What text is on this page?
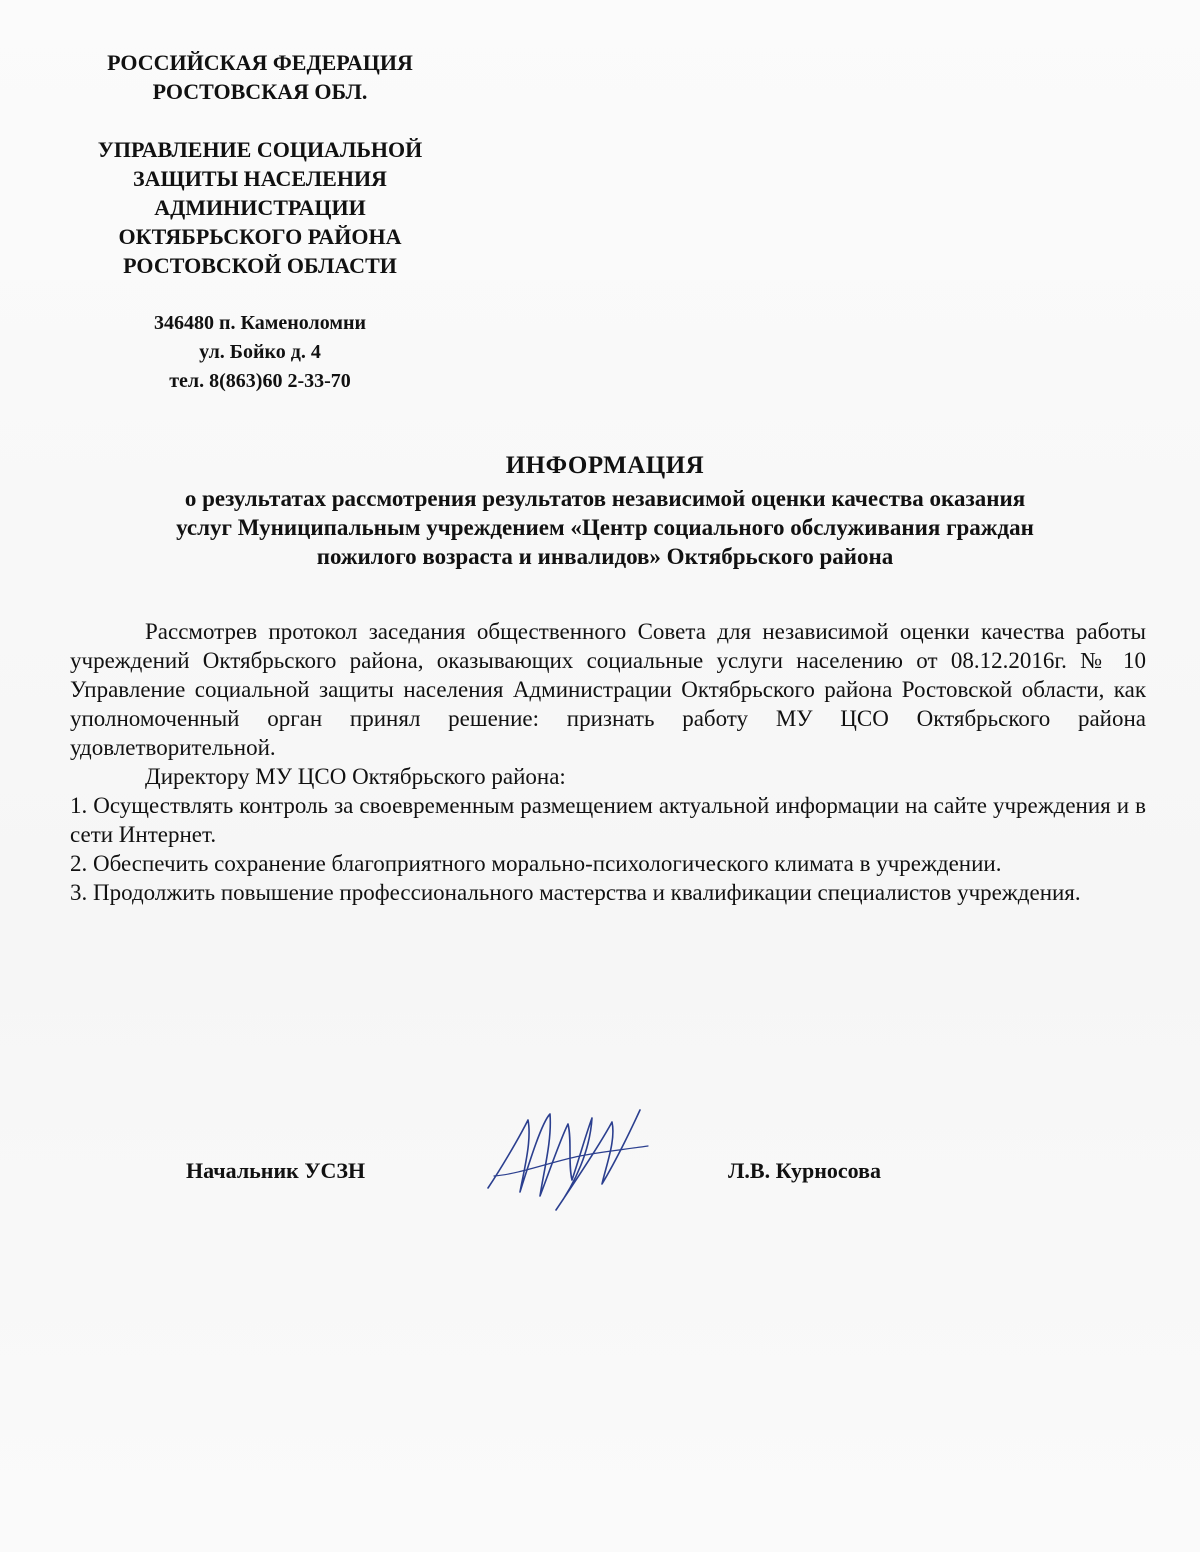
РОССИЙСКАЯ ФЕДЕРАЦИЯ
РОСТОВСКАЯ ОБЛ.
УПРАВЛЕНИЕ СОЦИАЛЬНОЙ
ЗАЩИТЫ НАСЕЛЕНИЯ
АДМИНИСТРАЦИИ
ОКТЯБРЬСКОГО РАЙОНА
РОСТОВСКОЙ ОБЛАСТИ
346480 п. Каменоломни
ул. Бойко д. 4
тел. 8(863)60 2-33-70
ИНФОРМАЦИЯ
о результатах рассмотрения результатов независимой оценки качества оказания
услуг Муниципальным учреждением «Центр социального обслуживания граждан
пожилого возраста и инвалидов» Октябрьского района

Рассмотрев протокол заседания общественного Совета для независимой оценки качества работы учреждений Октябрьского района, оказывающих социальные услуги населению от 08.12.2016г. № 10 Управление социальной защиты населения Администрации Октябрьского района Ростовской области, как уполномоченный орган принял решение: признать работу МУ ЦСО Октябрьского района удовлетворительной.

Директору МУ ЦСО Октябрьского района:

1. Осуществлять контроль за своевременным размещением актуальной информации на сайте учреждения и в сети Интернет.

2. Обеспечить сохранение благоприятного морально-психологического климата в учреждении.

3. Продолжить повышение профессионального мастерства и квалификации специалистов учреждения.

Начальник УСЗН	Л.В. Курносова
